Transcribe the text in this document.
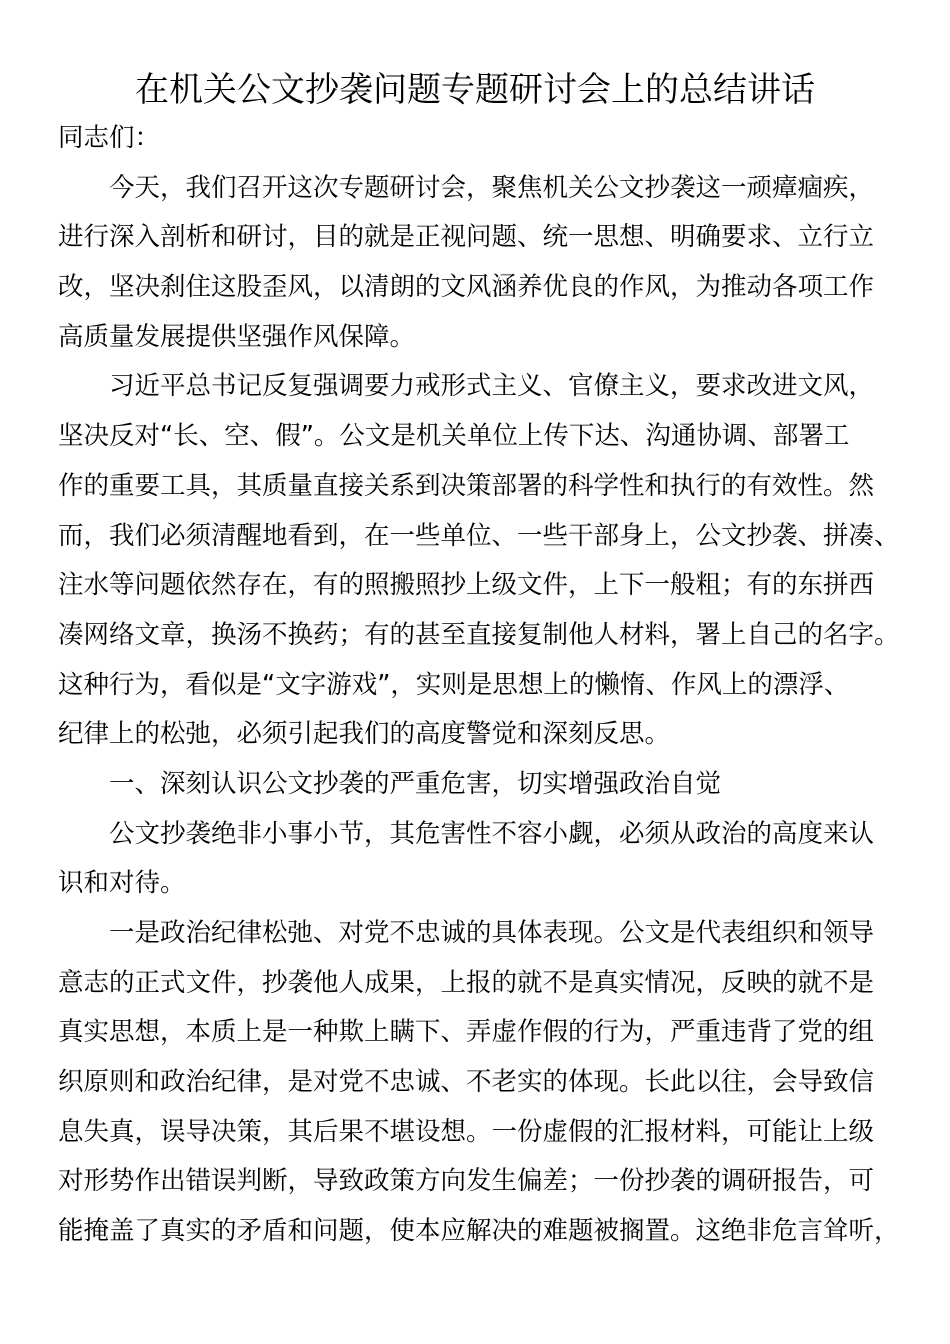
在机关公文抄袭问题专题研讨会上的总结讲话
同志们：
今天，我们召开这次专题研讨会，聚焦机关公文抄袭这一顽瘴痼疾，
进行深入剖析和研讨，目的就是正视问题、统一思想、明确要求、立行立
改，坚决刹住这股歪风，以清朗的文风涵养优良的作风，为推动各项工作
高质量发展提供坚强作风保障。
习近平总书记反复强调要力戒形式主义、官僚主义，要求改进文风，
坚决反对“长、空、假”。公文是机关单位上传下达、沟通协调、部署工
作的重要工具，其质量直接关系到决策部署的科学性和执行的有效性。然
而，我们必须清醒地看到，在一些单位、一些干部身上，公文抄袭、拼凑、
注水等问题依然存在，有的照搬照抄上级文件，上下一般粗；有的东拼西
凑网络文章，换汤不换药；有的甚至直接复制他人材料，署上自己的名字。
这种行为，看似是“文字游戏”，实则是思想上的懒惰、作风上的漂浮、
纪律上的松弛，必须引起我们的高度警觉和深刻反思。
一、深刻认识公文抄袭的严重危害，切实增强政治自觉
公文抄袭绝非小事小节，其危害性不容小觑，必须从政治的高度来认
识和对待。
一是政治纪律松弛、对党不忠诚的具体表现。公文是代表组织和领导
意志的正式文件，抄袭他人成果，上报的就不是真实情况，反映的就不是
真实思想，本质上是一种欺上瞒下、弄虚作假的行为，严重违背了党的组
织原则和政治纪律，是对党不忠诚、不老实的体现。长此以往，会导致信
息失真，误导决策，其后果不堪设想。一份虚假的汇报材料，可能让上级
对形势作出错误判断，导致政策方向发生偏差；一份抄袭的调研报告，可
能掩盖了真实的矛盾和问题，使本应解决的难题被搁置。这绝非危言耸听，
